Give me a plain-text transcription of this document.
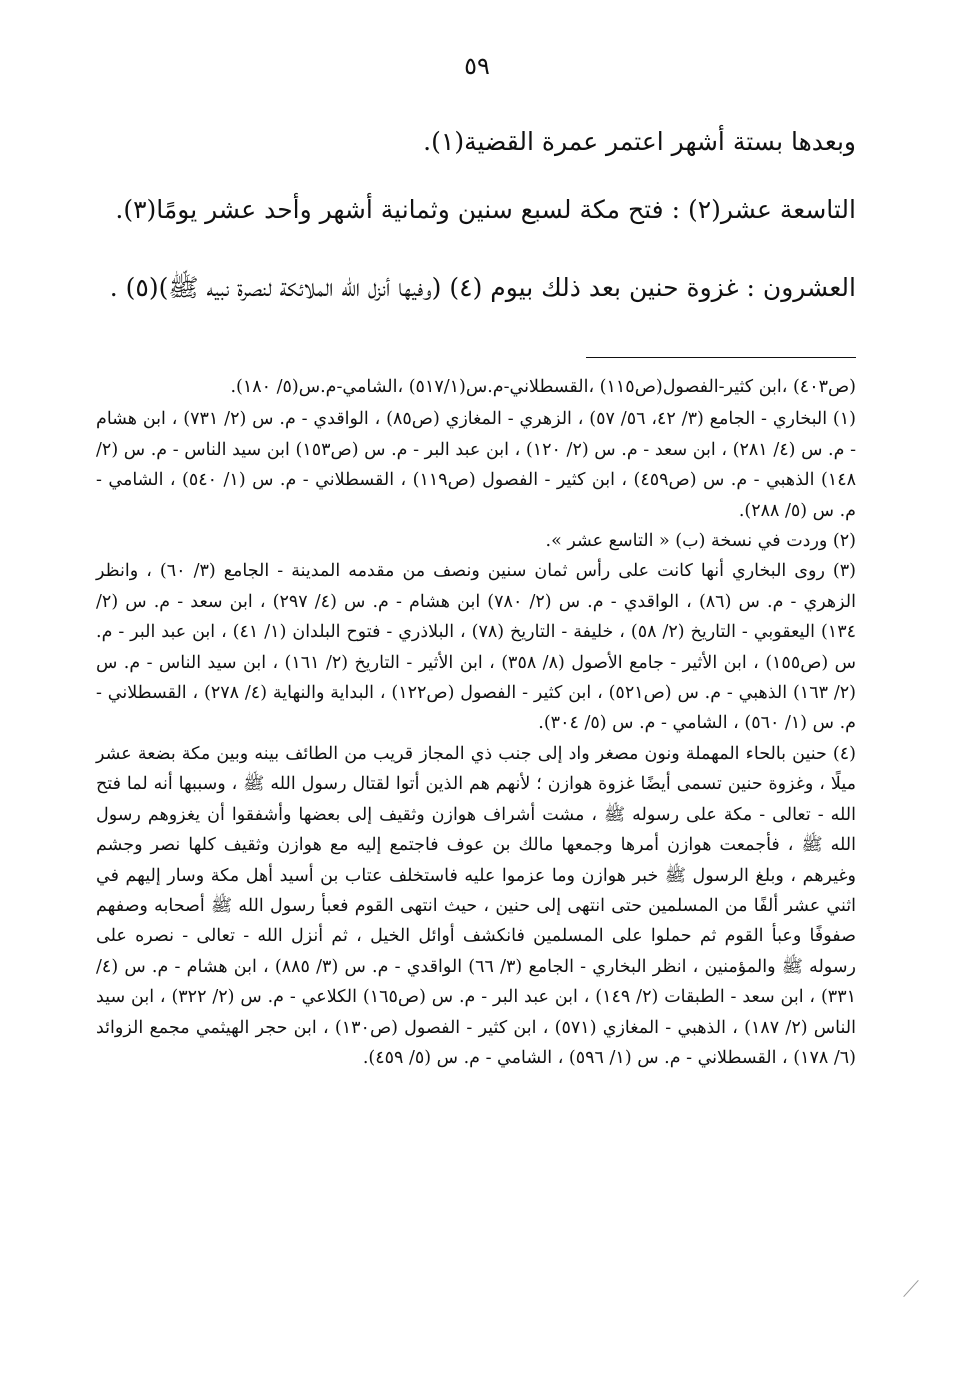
٥٩
وبعدها بستة أشهر اعتمر عمرة القضية(١).
التاسعة عشر(٢) : فتح مكة لسبع سنين وثمانية أشهر وأحد عشر يومًا(٣).
العشرون : غزوة حنين بعد ذلك بيوم (٤) (وفيها أنزل الله الملائكة لنصرة نبيه ﷺ)(٥) .

(ص٤٠٣) ،ابن كثير-الفصول(ص١١٥) ،القسطلاني-م.س(٥١٧/١) ،الشامي-م.س(٥/ ١٨٠).

(١) البخاري - الجامع (٣/ ٤٢، ٥٦/ ٥٧) ، الزهري - المغازي (ص٨٥) ، الواقدي - م. س (٢/ ٧٣١) ، ابن هشام - م. س (٤/ ٢٨١) ، ابن سعد - م. س (٢/ ١٢٠) ، ابن عبد البر - م. س (ص١٥٣) ابن سيد الناس - م. س (٢/ ١٤٨) الذهبي - م. س (ص٤٥٩) ، ابن كثير - الفصول (ص١١٩) ، القسطلاني - م. س (١/ ٥٤٠) ، الشامي - م. س (٥/ ٢٨٨).

(٢) وردت في نسخة (ب) « التاسع عشر ».

(٣) روى البخاري أنها كانت على رأس ثمان سنين ونصف من مقدمه المدينة - الجامع (٣/ ٦٠) ، وانظر الزهري - م. س (٨٦) ، الواقدي - م. س (٢/ ٧٨٠) ابن هشام - م. س (٤/ ٢٩٧) ، ابن سعد - م. س (٢/ ١٣٤) اليعقوبي - التاريخ (٢/ ٥٨) ، خليفة - التاريخ (٧٨) ، البلاذري - فتوح البلدان (١/ ٤١) ، ابن عبد البر - م. س (ص١٥٥) ، ابن الأثير - جامع الأصول (٨/ ٣٥٨) ، ابن الأثير - التاريخ (٢/ ١٦١) ، ابن سيد الناس - م. س (٢/ ١٦٣) الذهبي - م. س (ص٥٢١) ، ابن كثير - الفصول (ص١٢٢) ، البداية والنهاية (٤/ ٢٧٨) ، القسطلاني - م. س (١/ ٥٦٠) ، الشامي - م. س (٥/ ٣٠٤).

(٤) حنين بالحاء المهملة ونون مصغر واد إلى جنب ذي المجاز قريب من الطائف بينه وبين مكة بضعة عشر ميلًا ، وغزوة حنين تسمى أيضًا غزوة هوازن ؛ لأنهم هم الذين أتوا لقتال رسول الله ﷺ ، وسببها أنه لما فتح الله - تعالى - مكة على رسوله ﷺ ، مشت أشراف هوازن وثقيف إلى بعضها وأشفقوا أن يغزوهم رسول الله ﷺ ، فأجمعت هوازن أمرها وجمعها مالك بن عوف فاجتمع إليه مع هوازن وثقيف كلها نصر وجشم وغيرهم ، وبلغ الرسول ﷺ خبر هوازن وما عزموا عليه فاستخلف عتاب بن أسيد أهل مكة وسار إليهم في اثني عشر ألفًا من المسلمين حتى انتهى إلى حنين ، حيث انتهى القوم فعبأ رسول الله ﷺ أصحابه وصفهم صفوفًا وعبأ القوم ثم حملوا على المسلمين فانكشف أوائل الخيل ، ثم أنزل الله - تعالى - نصره على رسوله ﷺ والمؤمنين ، انظر البخاري - الجامع (٣/ ٦٦) الواقدي - م. س (٣/ ٨٨٥) ، ابن هشام - م. س (٤/ ٣٣١) ، ابن سعد - الطبقات (٢/ ١٤٩) ، ابن عبد البر - م. س (ص١٦٥) الكلاعي - م. س (٢/ ٣٢٢) ، ابن سيد الناس (٢/ ١٨٧) ، الذهبي - المغازي (٥٧١) ، ابن كثير - الفصول (ص١٣٠) ، ابن حجر الهيثمي مجمع الزوائد (٦/ ١٧٨) ، القسطلاني - م. س (١/ ٥٩٦) ، الشامي - م. س (٥/ ٤٥٩).
